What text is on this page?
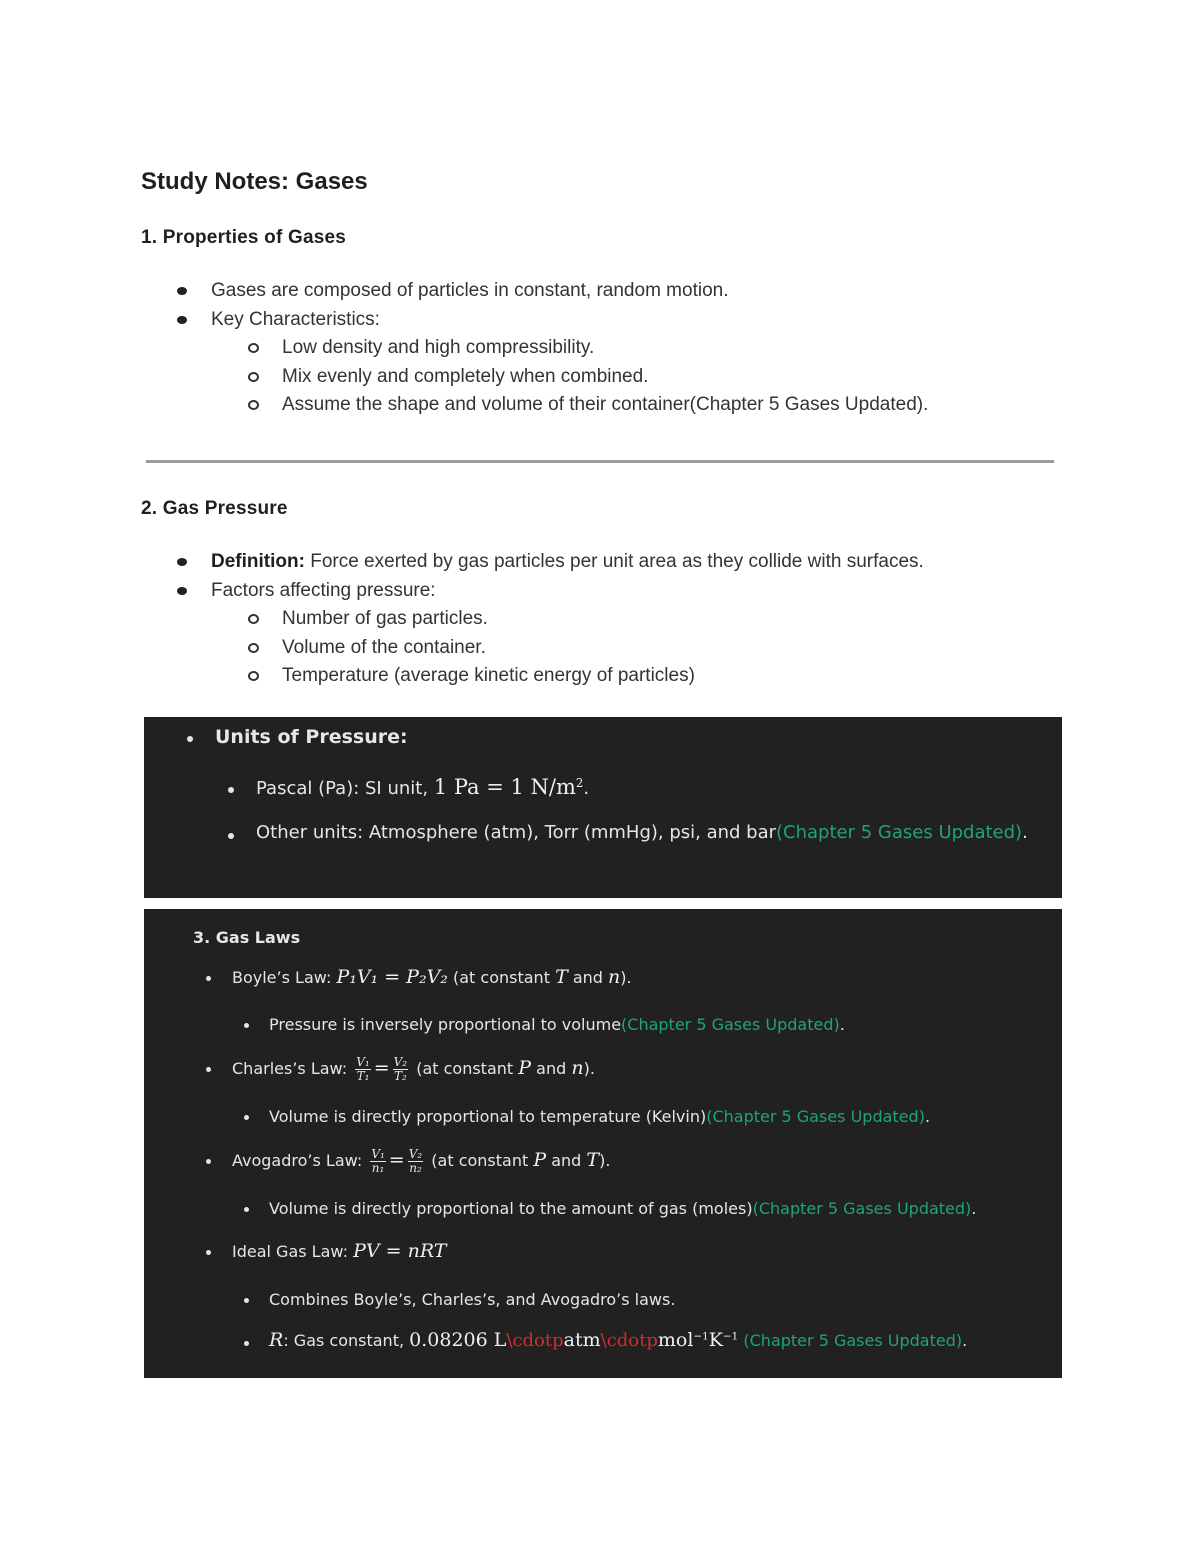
Study Notes: Gases
1. Properties of Gases
Gases are composed of particles in constant, random motion.
Key Characteristics:
Low density and high compressibility.
Mix evenly and completely when combined.
Assume the shape and volume of their container(Chapter 5 Gases Updated).
2. Gas Pressure
Definition: Force exerted by gas particles per unit area as they collide with surfaces.
Factors affecting pressure:
Number of gas particles.
Volume of the container.
Temperature (average kinetic energy of particles)
Units of Pressure:
Pascal (Pa): SI unit, 1 Pa = 1 $N/m^2$.
Other units: Atmosphere (atm), Torr (mmHg), psi, and bar(Chapter 5 Gases Updated).
3. Gas Laws
Boyle’s Law: P₁V₁ = P₂V₂ (at constant T and n).
Pressure is inversely proportional to volume(Chapter 5 Gases Updated).
Charles’s Law: $\frac{\text{V₁}}{\text{T₁}} = \frac{\text{V₂}}{\text{T₂}} (at$ constant P and n).
Volume is directly proportional to temperature (Kelvin)(Chapter 5 Gases Updated).
Avogadro’s Law: $\frac{\text{V₁}}{\text{n₁}} = \frac{\text{V₂}}{\text{n₂}} (at$ constant P and T).
Volume is directly proportional to the amount of gas (moles)(Chapter 5 Gases Updated).
Ideal Gas Law: PV = nRT
Combines Boyle’s, Charles’s, and Avogadro’s laws.
R: Gas constant, 0.08206 $L\backslash cdotpatm\backslash cdotpmol^{-1}K^{-1}$ (Chapter 5 Gases Updated).
